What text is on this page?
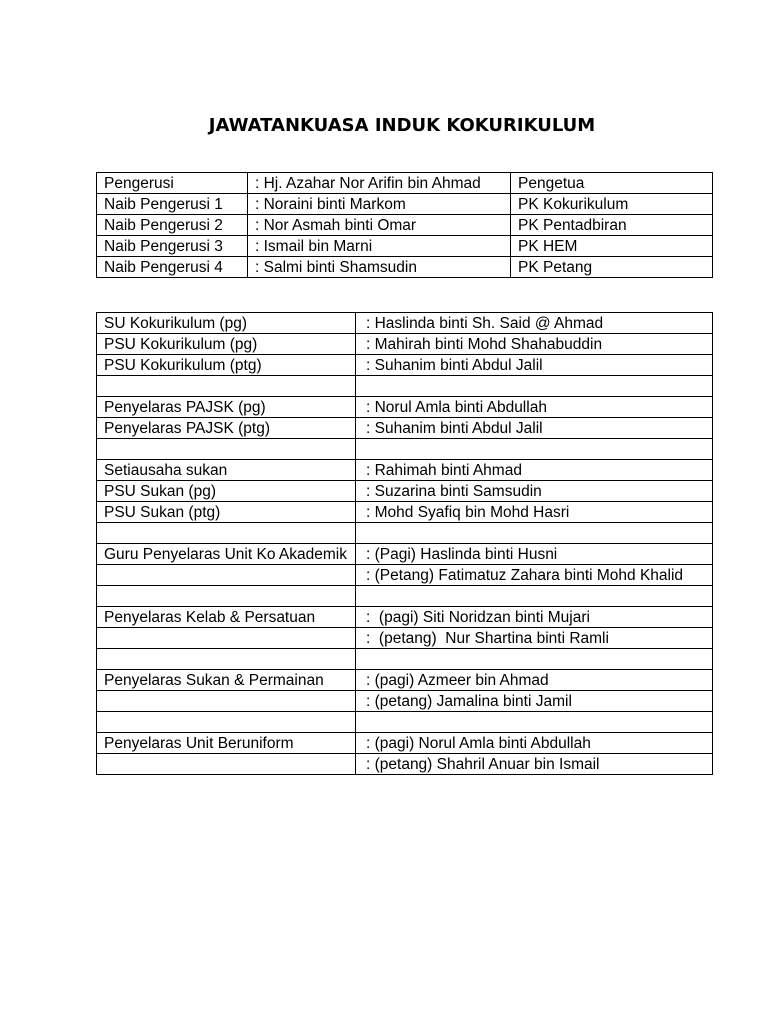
JAWATANKUASA INDUK KOKURIKULUM
Pengerusi	: Hj. Azahar Nor Arifin bin Ahmad	Pengetua
Naib Pengerusi 1	: Noraini binti Markom	PK Kokurikulum
Naib Pengerusi 2	: Nor Asmah binti Omar	PK Pentadbiran
Naib Pengerusi 3	: Ismail bin Marni	PK HEM
Naib Pengerusi 4	: Salmi binti Shamsudin	PK Petang
SU Kokurikulum (pg)	: Haslinda binti Sh. Said @ Ahmad
PSU Kokurikulum (pg)	: Mahirah binti Mohd Shahabuddin
PSU Kokurikulum (ptg)	: Suhanim binti Abdul Jalil

Penyelaras PAJSK (pg)	: Norul Amla binti Abdullah
Penyelaras PAJSK (ptg)	: Suhanim binti Abdul Jalil

Setiausaha sukan	: Rahimah binti Ahmad
PSU Sukan (pg)	: Suzarina binti Samsudin
PSU Sukan (ptg)	: Mohd Syafiq bin Mohd Hasri

Guru Penyelaras Unit Ko Akademik	: (Pagi) Haslinda binti Husni
	: (Petang) Fatimatuz Zahara binti Mohd Khalid

Penyelaras Kelab & Persatuan	:  (pagi) Siti Noridzan binti Mujari
	:  (petang)  Nur Shartina binti Ramli

Penyelaras Sukan & Permainan	: (pagi) Azmeer bin Ahmad
	: (petang) Jamalina binti Jamil

Penyelaras Unit Beruniform	: (pagi) Norul Amla binti Abdullah
	: (petang) Shahril Anuar bin Ismail
